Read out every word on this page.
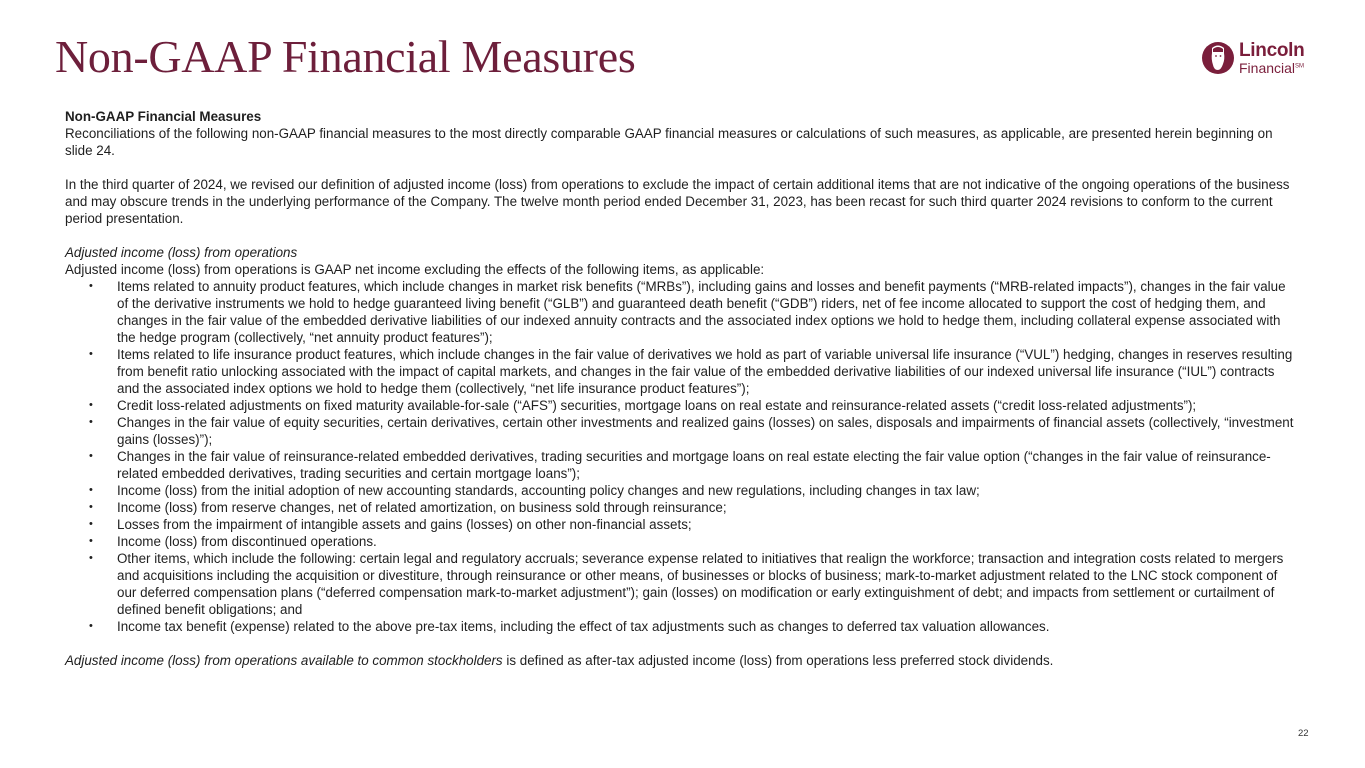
Non-GAAP Financial Measures	Lincoln
Financial℠

Non-GAAP Financial Measures

Reconciliations of the following non-GAAP financial measures to the most directly comparable GAAP financial measures or calculations of such measures, as applicable, are presented herein beginning on slide 24.

In the third quarter of 2024, we revised our definition of adjusted income (loss) from operations to exclude the impact of certain additional items that are not indicative of the ongoing operations of the business and may obscure trends in the underlying performance of the Company. The twelve month period ended December 31, 2023, has been recast for such third quarter 2024 revisions to conform to the current period presentation.

Adjusted income (loss) from operations

Adjusted income (loss) from operations is GAAP net income excluding the effects of the following items, as applicable:

• Items related to annuity product features, which include changes in market risk benefits (“MRBs”), including gains and losses and benefit payments (“MRB-related impacts”), changes in the fair value of the derivative instruments we hold to hedge guaranteed living benefit (“GLB”) and guaranteed death benefit (“GDB”) riders, net of fee income allocated to support the cost of hedging them, and changes in the fair value of the embedded derivative liabilities of our indexed annuity contracts and the associated index options we hold to hedge them, including collateral expense associated with the hedge program (collectively, “net annuity product features”);
• Items related to life insurance product features, which include changes in the fair value of derivatives we hold as part of variable universal life insurance (“VUL”) hedging, changes in reserves resulting from benefit ratio unlocking associated with the impact of capital markets, and changes in the fair value of the embedded derivative liabilities of our indexed universal life insurance (“IUL”) contracts and the associated index options we hold to hedge them (collectively, “net life insurance product features”);
• Credit loss-related adjustments on fixed maturity available-for-sale (“AFS”) securities, mortgage loans on real estate and reinsurance-related assets (“credit loss-related adjustments”);
• Changes in the fair value of equity securities, certain derivatives, certain other investments and realized gains (losses) on sales, disposals and impairments of financial assets (collectively, “investment gains (losses)”);
• Changes in the fair value of reinsurance-related embedded derivatives, trading securities and mortgage loans on real estate electing the fair value option (“changes in the fair value of reinsurance-related embedded derivatives, trading securities and certain mortgage loans”);
• Income (loss) from the initial adoption of new accounting standards, accounting policy changes and new regulations, including changes in tax law;
• Income (loss) from reserve changes, net of related amortization, on business sold through reinsurance;
• Losses from the impairment of intangible assets and gains (losses) on other non-financial assets;
• Income (loss) from discontinued operations.
• Other items, which include the following: certain legal and regulatory accruals; severance expense related to initiatives that realign the workforce; transaction and integration costs related to mergers and acquisitions including the acquisition or divestiture, through reinsurance or other means, of businesses or blocks of business; mark-to-market adjustment related to the LNC stock component of our deferred compensation plans (“deferred compensation mark-to-market adjustment”); gain (losses) on modification or early extinguishment of debt; and impacts from settlement or curtailment of defined benefit obligations; and
• Income tax benefit (expense) related to the above pre-tax items, including the effect of tax adjustments such as changes to deferred tax valuation allowances.

Adjusted income (loss) from operations available to common stockholders is defined as after-tax adjusted income (loss) from operations less preferred stock dividends.

22
